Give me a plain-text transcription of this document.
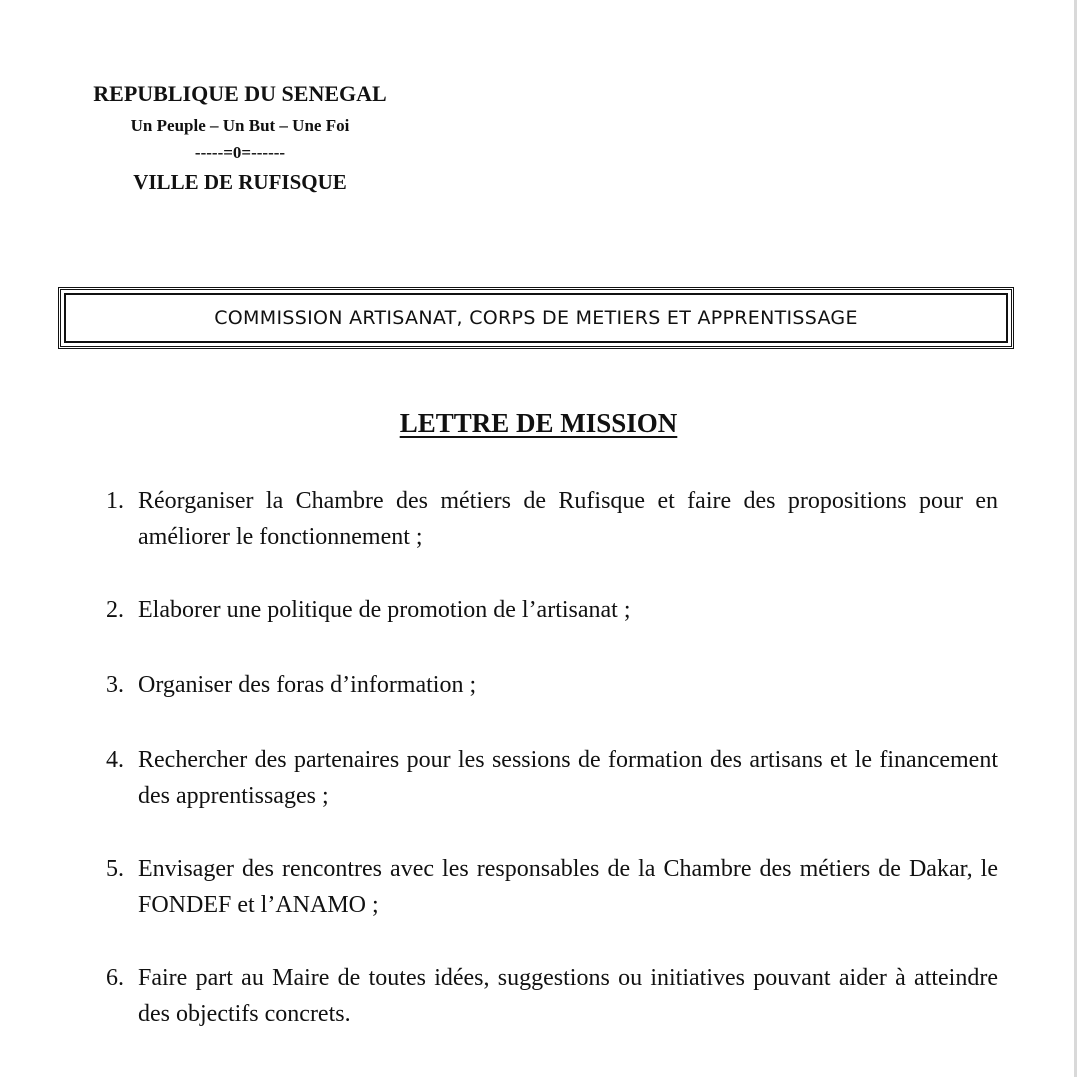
REPUBLIQUE DU SENEGAL
Un Peuple – Un But – Une Foi
-----=0=------
VILLE DE RUFISQUE
COMMISSION ARTISANAT, CORPS DE METIERS ET APPRENTISSAGE
LETTRE DE MISSION
1. Réorganiser la Chambre des métiers de Rufisque et faire des propositions pour en améliorer le fonctionnement ;
2. Elaborer une politique de promotion de l’artisanat ;
3. Organiser des foras d’information ;
4. Rechercher des partenaires pour les sessions de formation des artisans et le financement des apprentissages ;
5. Envisager des rencontres avec les responsables de la Chambre des métiers de Dakar, le FONDEF et l’ANAMO ;
6. Faire part au Maire de toutes idées, suggestions ou initiatives pouvant aider à atteindre des objectifs concrets.
